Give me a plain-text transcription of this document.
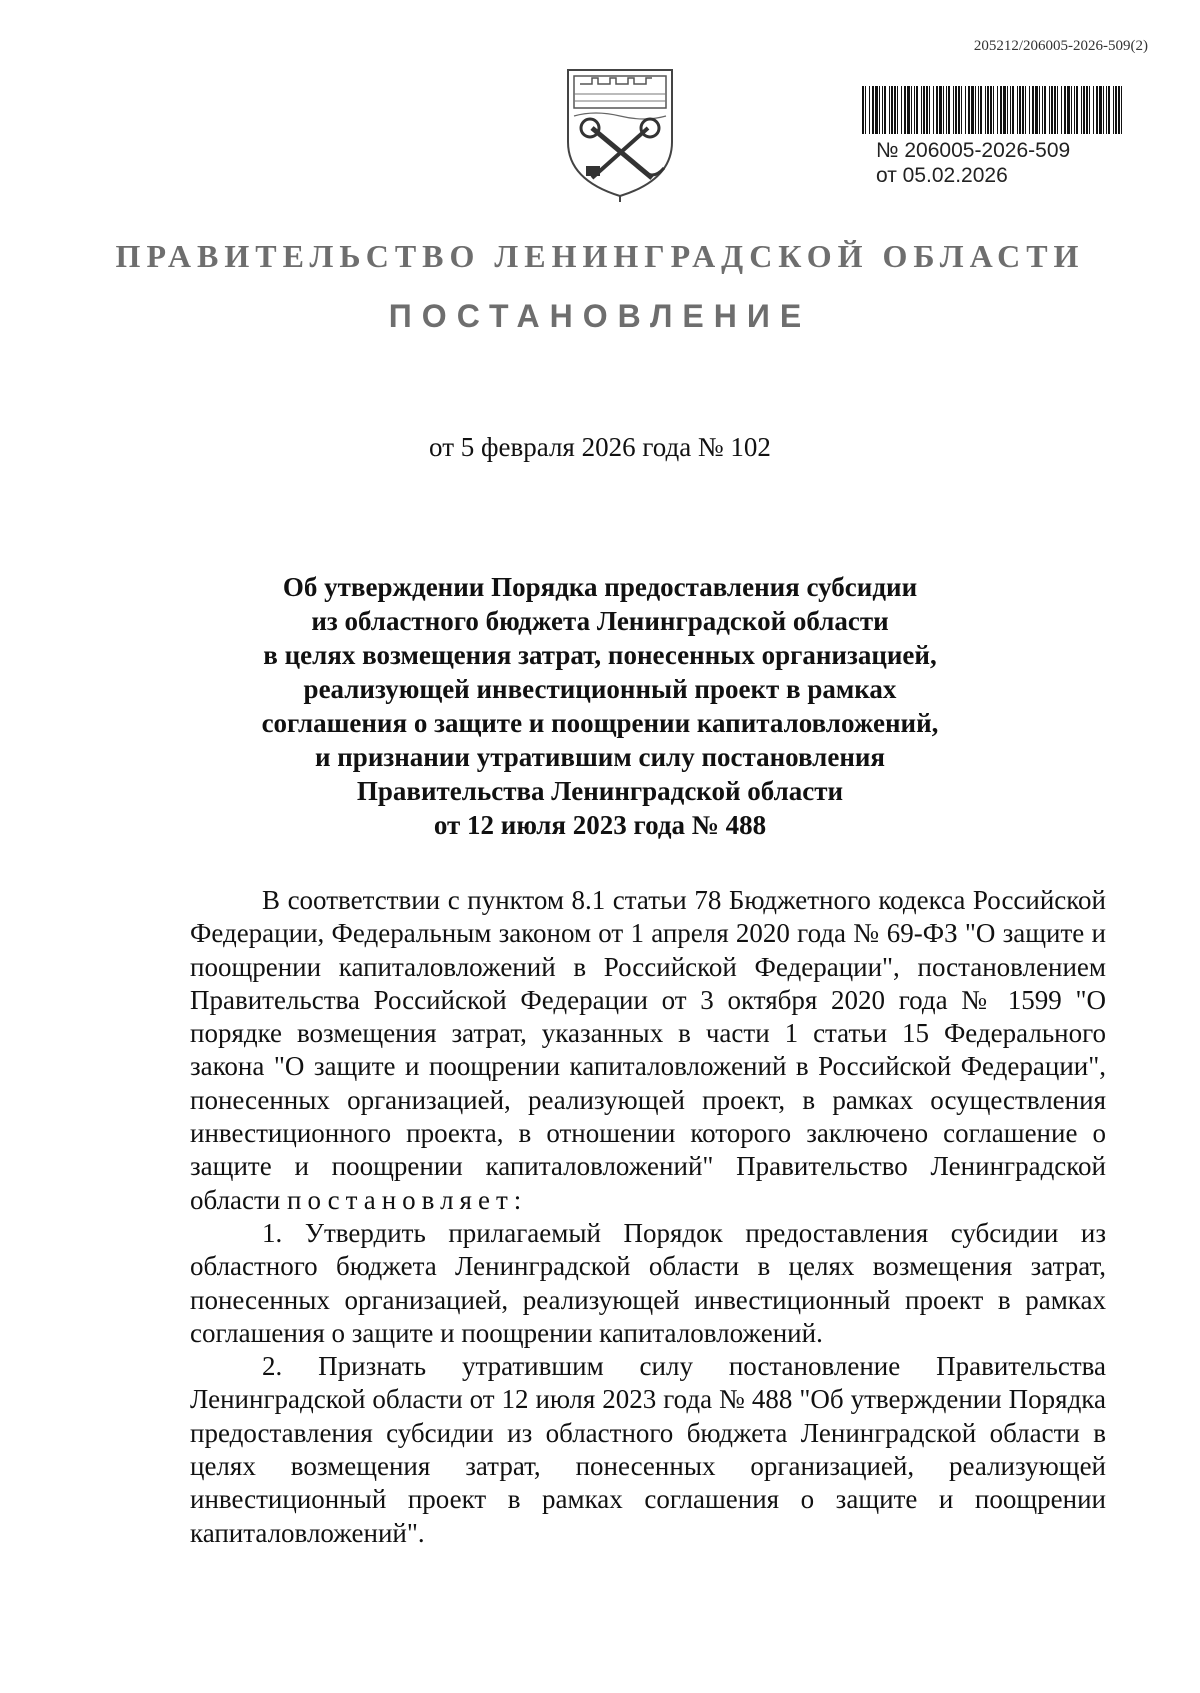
205212/206005-2026-509(2)
№ 206005-2026-509
от 05.02.2026
ПРАВИТЕЛЬСТВО ЛЕНИНГРАДСКОЙ ОБЛАСТИ
ПОСТАНОВЛЕНИЕ
от 5 февраля 2026 года № 102
Об утверждении Порядка предоставления субсидии
из областного бюджета Ленинградской области
в целях возмещения затрат, понесенных организацией,
реализующей инвестиционный проект в рамках
соглашения о защите и поощрении капиталовложений,
и признании утратившим силу постановления
Правительства Ленинградской области
от 12 июля 2023 года № 488

В соответствии с пунктом 8.1 статьи 78 Бюджетного кодекса Российской Федерации, Федеральным законом от 1 апреля 2020 года № 69-ФЗ "О защите и поощрении капиталовложений в Российской Федерации", постановлением Правительства Российской Федерации от 3 октября 2020 года № 1599 "О порядке возмещения затрат, указанных в части 1 статьи 15 Федерального закона "О защите и поощрении капиталовложений в Российской Федерации", понесенных организацией, реализующей проект, в рамках осуществления инвестиционного проекта, в отношении которого заключено соглашение о защите и поощрении капиталовложений" Правительство Ленинградской области постановляет:

1. Утвердить прилагаемый Порядок предоставления субсидии из областного бюджета Ленинградской области в целях возмещения затрат, понесенных организацией, реализующей инвестиционный проект в рамках соглашения о защите и поощрении капиталовложений.

2. Признать утратившим силу постановление Правительства Ленинградской области от 12 июля 2023 года № 488 "Об утверждении Порядка предоставления субсидии из областного бюджета Ленинградской области в целях возмещения затрат, понесенных организацией, реализующей инвестиционный проект в рамках соглашения о защите и поощрении капиталовложений".
